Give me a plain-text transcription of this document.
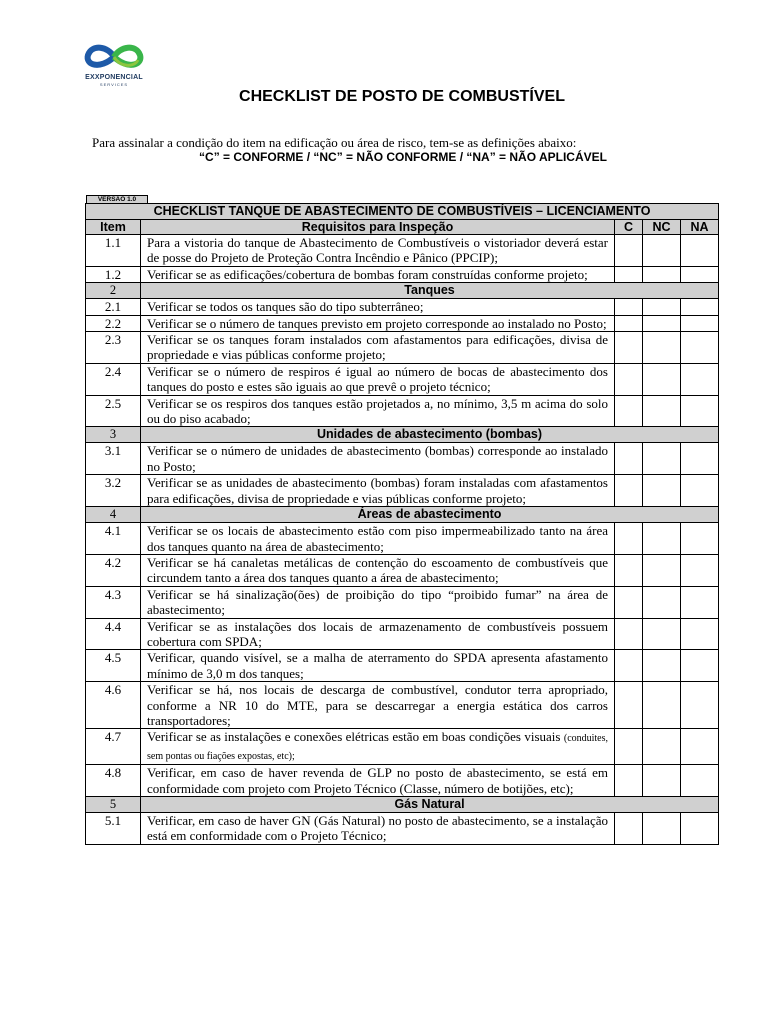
EXXPONENCIAL
SERVICES
CHECKLIST DE POSTO DE COMBUSTÍVEL
Para assinalar a condição do item na edificação ou área de risco, tem-se as definições abaixo:
“C” = CONFORME / “NC” = NÃO CONFORME / “NA” = NÃO APLICÁVEL
VERSÃO 1.0
CHECKLIST TANQUE DE ABASTECIMENTO DE COMBUSTÍVEIS – LICENCIAMENTO				
Item	Requisitos para Inspeção	C	NC	NA
1.1	Para a vistoria do tanque de Abastecimento de Combustíveis o vistoriador deverá estar de posse do Projeto de Proteção Contra Incêndio e Pânico (PPCIP);			
1.2	Verificar se as edificações/cobertura de bombas foram construídas conforme projeto;			
2	Tanques			
2.1	Verificar se todos os tanques são do tipo subterrâneo;			
2.2	Verificar se o número de tanques previsto em projeto corresponde ao instalado no Posto;			
2.3	Verificar se os tanques foram instalados com afastamentos para edificações, divisa de propriedade e vias públicas conforme projeto;			
2.4	Verificar se o número de respiros é igual ao número de bocas de abastecimento dos tanques do posto e estes são iguais ao que prevê o projeto técnico;			
2.5	Verificar se os respiros dos tanques estão projetados a, no mínimo, 3,5 m acima do solo ou do piso acabado;			
3	Unidades de abastecimento (bombas)			
3.1	Verificar se o número de unidades de abastecimento (bombas) corresponde ao instalado no Posto;			
3.2	Verificar se as unidades de abastecimento (bombas) foram instaladas com afastamentos para edificações, divisa de propriedade e vias públicas conforme projeto;			
4	Áreas de abastecimento			
4.1	Verificar se os locais de abastecimento estão com piso impermeabilizado tanto na área dos tanques quanto na área de abastecimento;			
4.2	Verificar se há canaletas metálicas de contenção do escoamento de combustíveis que circundem tanto a área dos tanques quanto a área de abastecimento;			
4.3	Verificar se há sinalização(ões) de proibição do tipo “proibido fumar” na área de abastecimento;			
4.4	Verificar se as instalações dos locais de armazenamento de combustíveis possuem cobertura com SPDA;			
4.5	Verificar, quando visível, se a malha de aterramento do SPDA apresenta afastamento mínimo de 3,0 m dos tanques;			
4.6	Verificar se há, nos locais de descarga de combustível, condutor terra apropriado, conforme a NR 10 do MTE, para se descarregar a energia estática dos carros transportadores;			
4.7	Verificar se as instalações e conexões elétricas estão em boas condições visuais (conduites, sem pontas ou fiações expostas, etc);			
4.8	Verificar, em caso de haver revenda de GLP no posto de abastecimento, se está em conformidade com projeto com Projeto Técnico (Classe, número de botijões, etc);			
5	Gás Natural			
5.1	Verificar, em caso de haver GN (Gás Natural) no posto de abastecimento, se a instalação está em conformidade com o Projeto Técnico;			
